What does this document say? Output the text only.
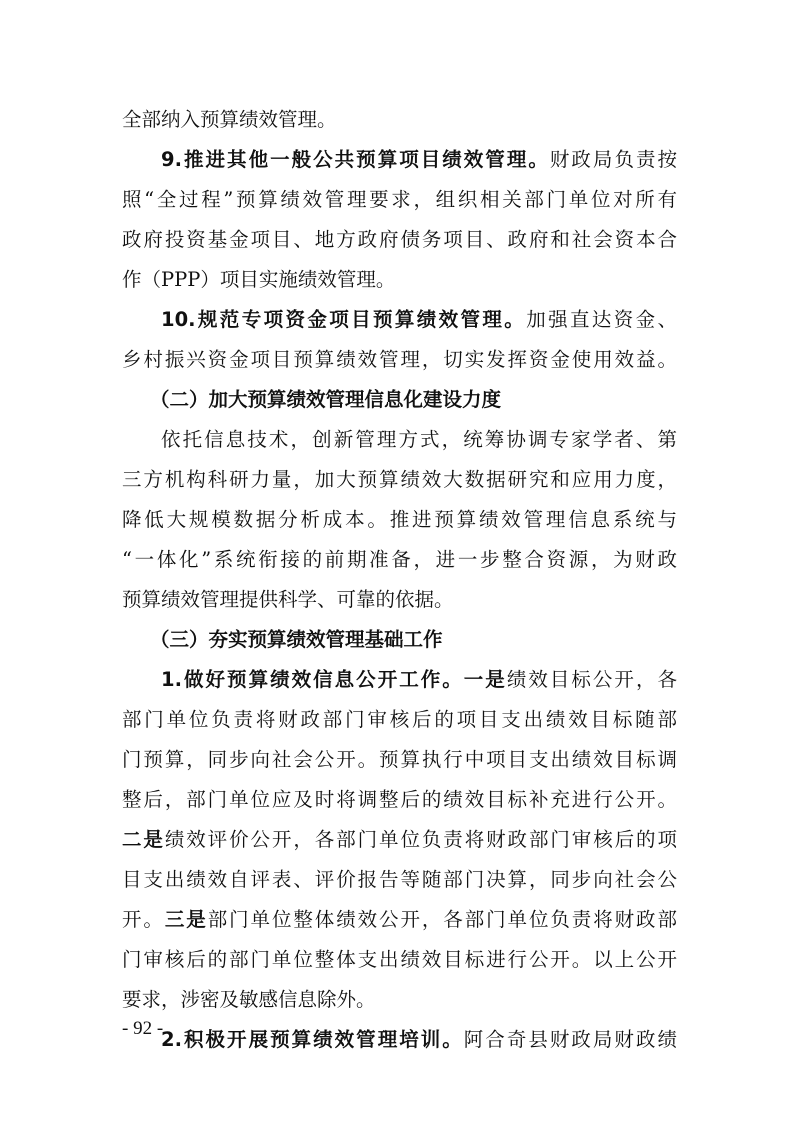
全部纳入预算绩效管理。
9.推进其他一般公共预算项目绩效管理。财政局负责按
照“全过程”预算绩效管理要求，组织相关部门单位对所有
政府投资基金项目、地方政府债务项目、政府和社会资本合
作（PPP）项目实施绩效管理。
10.规范专项资金项目预算绩效管理。加强直达资金、
乡村振兴资金项目预算绩效管理，切实发挥资金使用效益。
（二）加大预算绩效管理信息化建设力度
依托信息技术，创新管理方式，统筹协调专家学者、第
三方机构科研力量，加大预算绩效大数据研究和应用力度，
降低大规模数据分析成本。推进预算绩效管理信息系统与
“一体化”系统衔接的前期准备，进一步整合资源，为财政
预算绩效管理提供科学、可靠的依据。
（三）夯实预算绩效管理基础工作
1.做好预算绩效信息公开工作。一是绩效目标公开，各
部门单位负责将财政部门审核后的项目支出绩效目标随部
门预算，同步向社会公开。预算执行中项目支出绩效目标调
整后，部门单位应及时将调整后的绩效目标补充进行公开。
二是绩效评价公开，各部门单位负责将财政部门审核后的项
目支出绩效自评表、评价报告等随部门决算，同步向社会公
开。三是部门单位整体绩效公开，各部门单位负责将财政部
门审核后的部门单位整体支出绩效目标进行公开。以上公开
要求，涉密及敏感信息除外。
2.积极开展预算绩效管理培训。阿合奇县财政局财政绩
- 92 -
